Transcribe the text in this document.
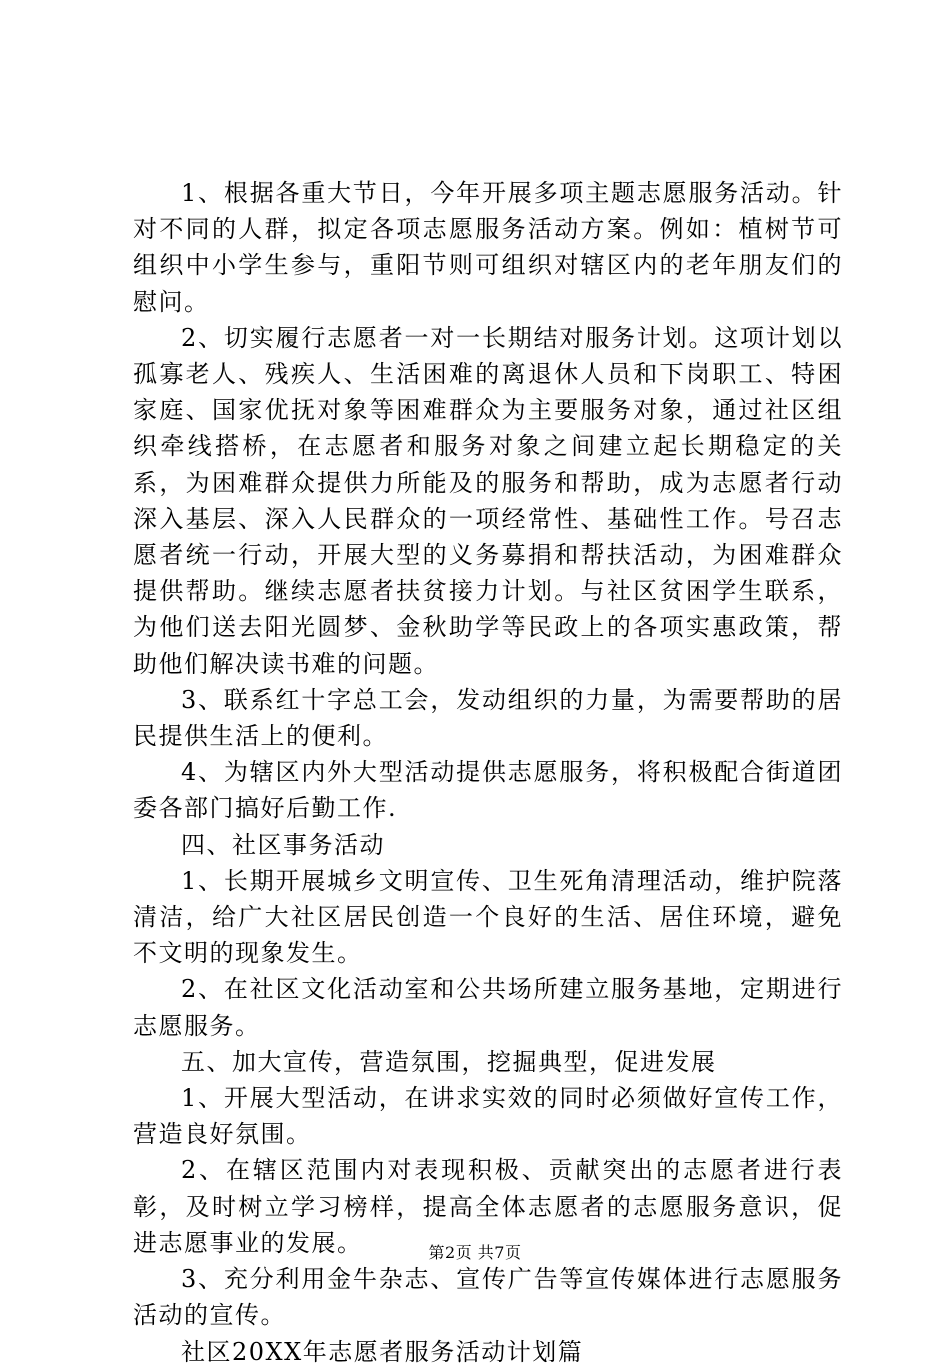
1、根据各重大节日，今年开展多项主题志愿服务活动。针对不同的人群，拟定各项志愿服务活动方案。例如：植树节可组织中小学生参与，重阳节则可组织对辖区内的老年朋友们的慰问。

2、切实履行志愿者一对一长期结对服务计划。这项计划以孤寡老人、残疾人、生活困难的离退休人员和下岗职工、特困家庭、国家优抚对象等困难群众为主要服务对象，通过社区组织牵线搭桥，在志愿者和服务对象之间建立起长期稳定的关系，为困难群众提供力所能及的服务和帮助，成为志愿者行动深入基层、深入人民群众的一项经常性、基础性工作。号召志愿者统一行动，开展大型的义务募捐和帮扶活动，为困难群众提供帮助。继续志愿者扶贫接力计划。与社区贫困学生联系，为他们送去阳光圆梦、金秋助学等民政上的各项实惠政策，帮助他们解决读书难的问题。

3、联系红十字总工会，发动组织的力量，为需要帮助的居民提供生活上的便利。

4、为辖区内外大型活动提供志愿服务，将积极配合街道团委各部门搞好后勤工作.

四、社区事务活动

1、长期开展城乡文明宣传、卫生死角清理活动，维护院落清洁，给广大社区居民创造一个良好的生活、居住环境，避免不文明的现象发生。

2、在社区文化活动室和公共场所建立服务基地，定期进行志愿服务。

五、加大宣传，营造氛围，挖掘典型，促进发展

1、开展大型活动，在讲求实效的同时必须做好宣传工作，营造良好氛围。

2、在辖区范围内对表现积极、贡献突出的志愿者进行表彰，及时树立学习榜样，提高全体志愿者的志愿服务意识，促进志愿事业的发展。

3、充分利用金牛杂志、宣传广告等宣传媒体进行志愿服务活动的宣传。

社区20XX年志愿者服务活动计划篇

第2页 共7页
